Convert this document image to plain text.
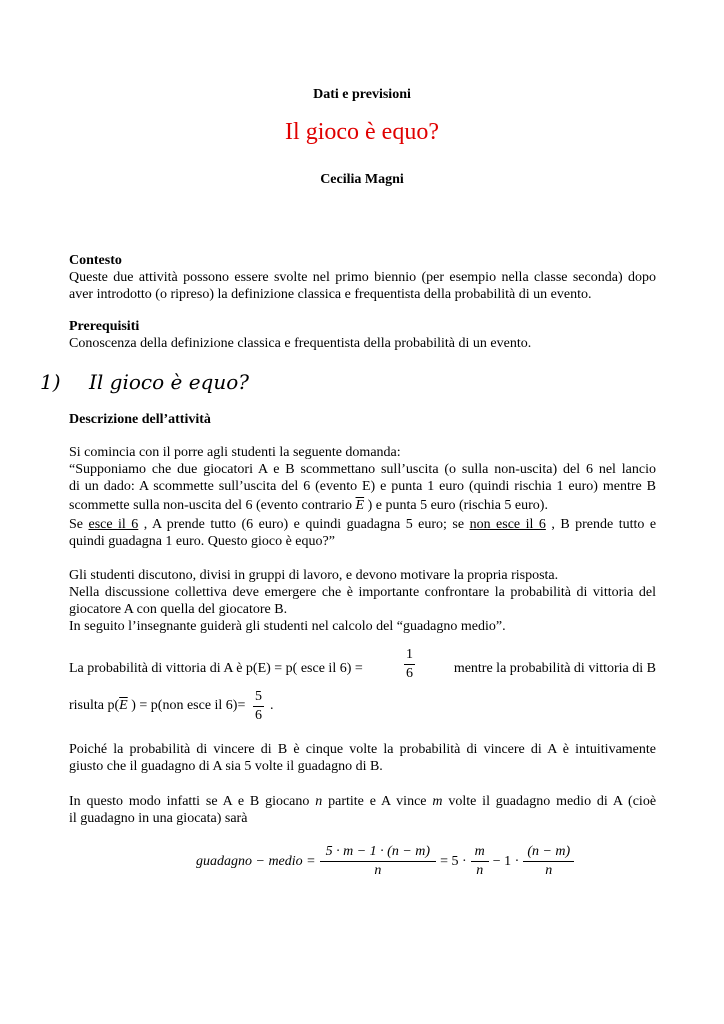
Dati e previsioni
Il gioco è equo?
Cecilia Magni
Contesto
Queste due attività possono essere svolte nel primo biennio (per esempio nella classe seconda) dopo
aver introdotto (o ripreso) la definizione classica e frequentista della probabilità di un evento.
Prerequisiti
Conoscenza della definizione classica e frequentista della probabilità di un evento.
1) Il gioco è equo?
Descrizione dell’attività
Si comincia con il porre agli studenti la seguente domanda:
“Supponiamo che due giocatori A e B scommettano sull’uscita (o sulla non-uscita) del 6 nel lancio
di un dado: A scommette sull’uscita del 6 (evento E) e punta 1 euro (quindi rischia 1 euro) mentre B
scommette sulla non-uscita del 6 (evento contrario $\overline{E}$ ) e punta 5 euro (rischia 5 euro).
Se esce il 6 , A prende tutto (6 euro) e quindi guadagna 5 euro; se non esce il 6 , B prende tutto e
quindi guadagna 1 euro. Questo gioco è equo?”
Gli studenti discutono, divisi in gruppi di lavoro, e devono motivare la propria risposta.
Nella discussione collettiva deve emergere che è importante confrontare la probabilità di vittoria del
giocatore A con quella del giocatore B.
In seguito l’insegnante guiderà gli studenti nel calcolo del “guadagno medio”.
La probabilità di vittoria di A è p(E) = p( esce il 6) =	$\frac{1}{6}$	mentre la probabilità di vittoria di B
risulta $p(\overline{E}$ ) = p(non esce il $6)= \frac{5}{6}$ .
Poiché la probabilità di vincere di B è cinque volte la probabilità di vincere di A è intuitivamente
giusto che il guadagno di A sia 5 volte il guadagno di B.
In questo modo infatti se A e B giocano n partite e A vince m volte il guadagno medio di A (cioè
il guadagno in una giocata) sarà
guadagno − medio = $\frac{5 \cdot m - 1 \cdot (n - m)}{n} = 5 \cdot \frac{m}{n} - 1 \cdot \frac{(n - m)}{n}$
